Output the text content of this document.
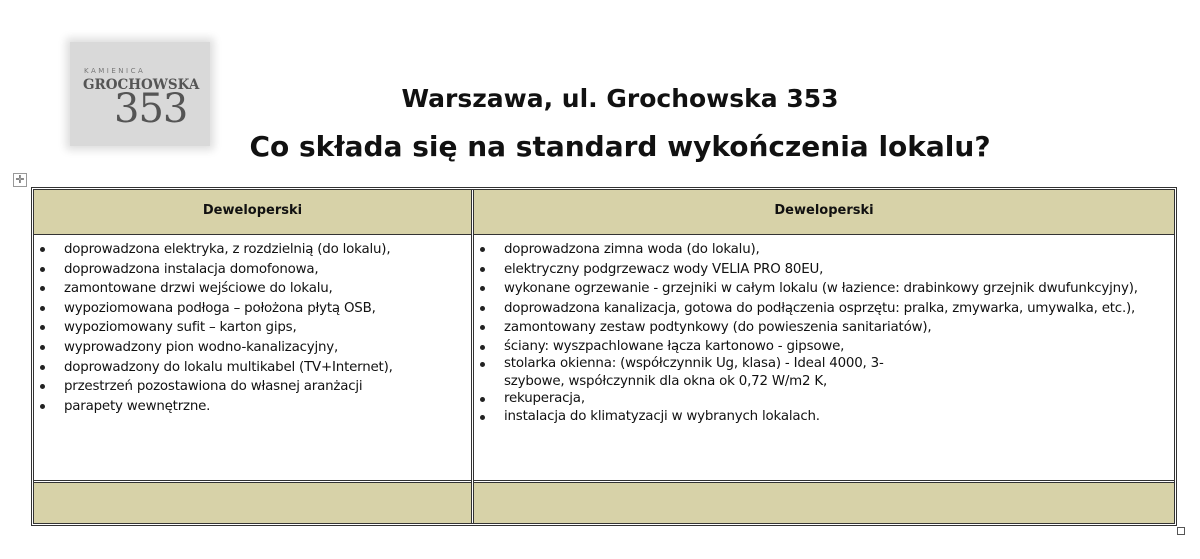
KAMIENICA
GROCHOWSKA
353	Warszawa, ul. Grochowska 353
Co składa się na standard wykończenia lokalu?
✛
Deweloperski
doprowadzona elektryka, z rozdzielnią (do lokalu),
doprowadzona instalacja domofonowa,
zamontowane drzwi wejściowe do lokalu,
wypoziomowana podłoga – położona płytą OSB,
wypoziomowany sufit – karton gips,
wyprowadzony pion wodno-kanalizacyjny,
doprowadzony do lokalu multikabel (TV+Internet),
przestrzeń pozostawiona do własnej aranżacji
parapety wewnętrzne.
Deweloperski
doprowadzona zimna woda (do lokalu),
elektryczny podgrzewacz wody VELIA PRO 80EU,
wykonane ogrzewanie - grzejniki w całym lokalu (w łazience: drabinkowy grzejnik dwufunkcyjny),
doprowadzona kanalizacja, gotowa do podłączenia osprzętu: pralka, zmywarka, umywalka, etc.),
zamontowany zestaw podtynkowy (do powieszenia sanitariatów),
ściany: wyszpachlowane łącza kartonowo - gipsowe,
stolarka okienna: (współczynnik Ug, klasa) - Ideal 4000, 3-szybowe, współczynnik dla okna ok 0,72 W/m2 K,
rekuperacja,
instalacja do klimatyzacji w wybranych lokalach.
